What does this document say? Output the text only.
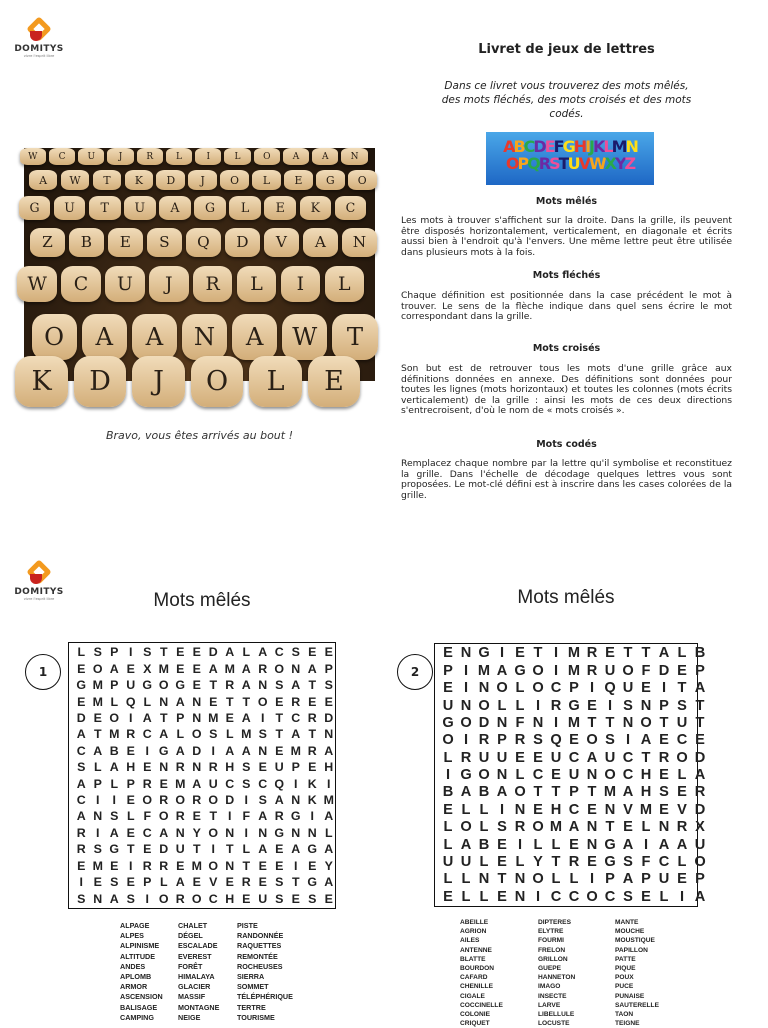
DOMITYS
vivre l'esprit libre
W	C	U	J	R	L	I	L	O	A	A	N
A	W	T	K	D	J	O	L	E	G	O
G	U	T	U	A	G	L	E	K	C
Z	B	E	S	Q	D	V	A	N
W	C	U	J	R	L	I	L
O	A	A	N	A	W	T
K	D	J	O	L	E
Bravo, vous êtes arrivés au bout !
Livret de jeux de lettres
Dans ce livret vous trouverez des mots mêlés, des mots fléchés, des mots croisés et des mots codés.
ABCDEFGHIJKLMN
OPQRSTUVWXYZ
Mots mêlés
Les mots à trouver s'affichent sur la droite. Dans la grille, ils peuvent être disposés horizontalement, verticalement, en diagonale et écrits aussi bien à l'endroit qu'à l'envers. Une même lettre peut être utilisée dans plusieurs mots à la fois.
Mots fléchés
Chaque définition est positionnée dans la case précédent le mot à trouver. Le sens de la flèche indique dans quel sens écrire le mot correspondant dans la grille.
Mots croisés
Son but est de retrouver tous les mots d'une grille grâce aux définitions données en annexe. Des définitions sont données pour toutes les lignes (mots horizontaux) et toutes les colonnes (mots écrits verticalement) de la grille : ainsi les mots de ces deux directions s'entrecroisent, d'où le nom de « mots croisés ».
Mots codés
Remplacez chaque nombre par la lettre qu'il symbolise et reconstituez la grille. Dans l'échelle de décodage quelques lettres vous sont proposées. Le mot-clé défini est à inscrire dans les cases colorées de la grille.
DOMITYS
vivre l'esprit libre	Mots mêlés	Mots mêlés
1	2
L S P I S T E E D A L A C S E E
E O A E X M E E A M A R O N A P
G M P U G O G E T R A N S A T S
E M L Q L N A N E T T O E R E E
D E O I A T P N M E A I T C R D
A T M R C A L O S L M S T A T N
C A B E I G A D I A A N E M R A
S L A H E N R N R H S E U P E H
A P L P R E M A U C S C Q I K I
C I	I E O R O R O D I S A N K M
A N S L F O R E T I F A R G I A
R I A E C A N Y O N I N G N N L
R S G T E D U T I T L A E A G A
E M E I R R E M O N T E E I E Y
I E S E P L A E V E R E S T G A
S N A S I O R O C H E U S E S E
E N G I E T I M R E T T A L B
P I M A G O I M R U O F D E P
E I N O L O C P I Q U E I T A
U N O L L I R G E I S N P S T
G O D N F N I M T T N O T U T
O I R P R S Q E O S I A E C E
L R U U E E U C A U C T R O D
I G O N L C E U N O C H E L A
B A B A O T T P T M A H S E R
E L L I N E H C E N V M E V D
L O L S R O M A N T E L N R X
L A B E I L L E N G A I A A U
U U L E L Y T R E G S F C L O
L L N T N O L L I P A P U E P
E L L E N I C C O C S E L I A
ALPAGE
ALPES
ALPINISME
ALTITUDE
ANDES
APLOMB
ARMOR
ASCENSION
BALISAGE
CAMPING
CHALET
DÉGEL
ESCALADE
EVEREST
FORÊT
HIMALAYA
GLACIER
MASSIF
MONTAGNE
NEIGE
PISTE
RANDONNÉE
RAQUETTES
REMONTÉE
ROCHEUSES
SIERRA
SOMMET
TÉLÉPHÉRIQUE
TERTRE
TOURISME
ABEILLE
AGRION
AILES
ANTENNE
BLATTE
BOURDON
CAFARD
CHENILLE
CIGALE
COCCINELLE
COLONIE
CRIQUET
DIPTERES
ELYTRE
FOURMI
FRELON
GRILLON
GUEPE
HANNETON
IMAGO
INSECTE
LARVE
LIBELLULE
LOCUSTE
MANTE
MOUCHE
MOUSTIQUE
PAPILLON
PATTE
PIQUE
POUX
PUCE
PUNAISE
SAUTERELLE
TAON
TEIGNE
